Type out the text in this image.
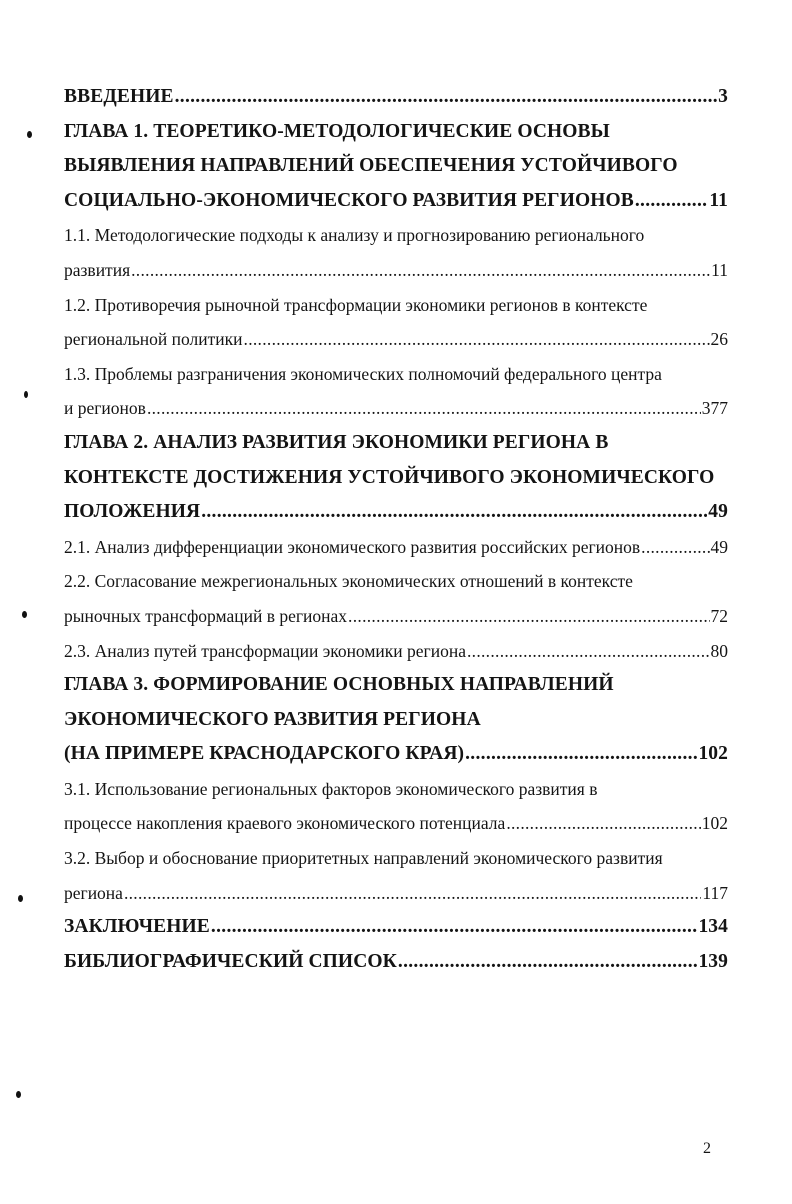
ВВЕДЕНИЕ .....	3
ГЛАВА 1. ТЕОРЕТИКО-МЕТОДОЛОГИЧЕСКИЕ ОСНОВЫ
ВЫЯВЛЕНИЯ НАПРАВЛЕНИЙ ОБЕСПЕЧЕНИЯ УСТОЙЧИВОГО
СОЦИАЛЬНО-ЭКОНОМИЧЕСКОГО РАЗВИТИЯ РЕГИОНОВ .....	11
1.1. Методологические подходы к анализу и прогнозированию регионального
развития .....	11
1.2. Противоречия рыночной трансформации экономики регионов в контексте
региональной политики .....	26
1.3. Проблемы разграничения экономических полномочий федерального центра
и регионов .....	377
ГЛАВА 2. АНАЛИЗ РАЗВИТИЯ ЭКОНОМИКИ РЕГИОНА В
КОНТЕКСТЕ ДОСТИЖЕНИЯ УСТОЙЧИВОГО ЭКОНОМИЧЕСКОГО
ПОЛОЖЕНИЯ .....	49
2.1. Анализ дифференциации экономического развития российских регионов .....	49
2.2. Согласование межрегиональных экономических отношений в контексте
рыночных трансформаций в регионах .....	72
2.3. Анализ путей трансформации экономики региона .....	80
ГЛАВА 3. ФОРМИРОВАНИЕ ОСНОВНЫХ НАПРАВЛЕНИЙ
ЭКОНОМИЧЕСКОГО РАЗВИТИЯ РЕГИОНА
(НА ПРИМЕРЕ КРАСНОДАРСКОГО КРАЯ) .....	102
3.1. Использование региональных факторов экономического развития в
процессе накопления краевого экономического потенциала .....	102
3.2. Выбор и обоснование приоритетных направлений экономического развития
региона .....	117
ЗАКЛЮЧЕНИЕ .....	134
БИБЛИОГРАФИЧЕСКИЙ СПИСОК .....	139
2
